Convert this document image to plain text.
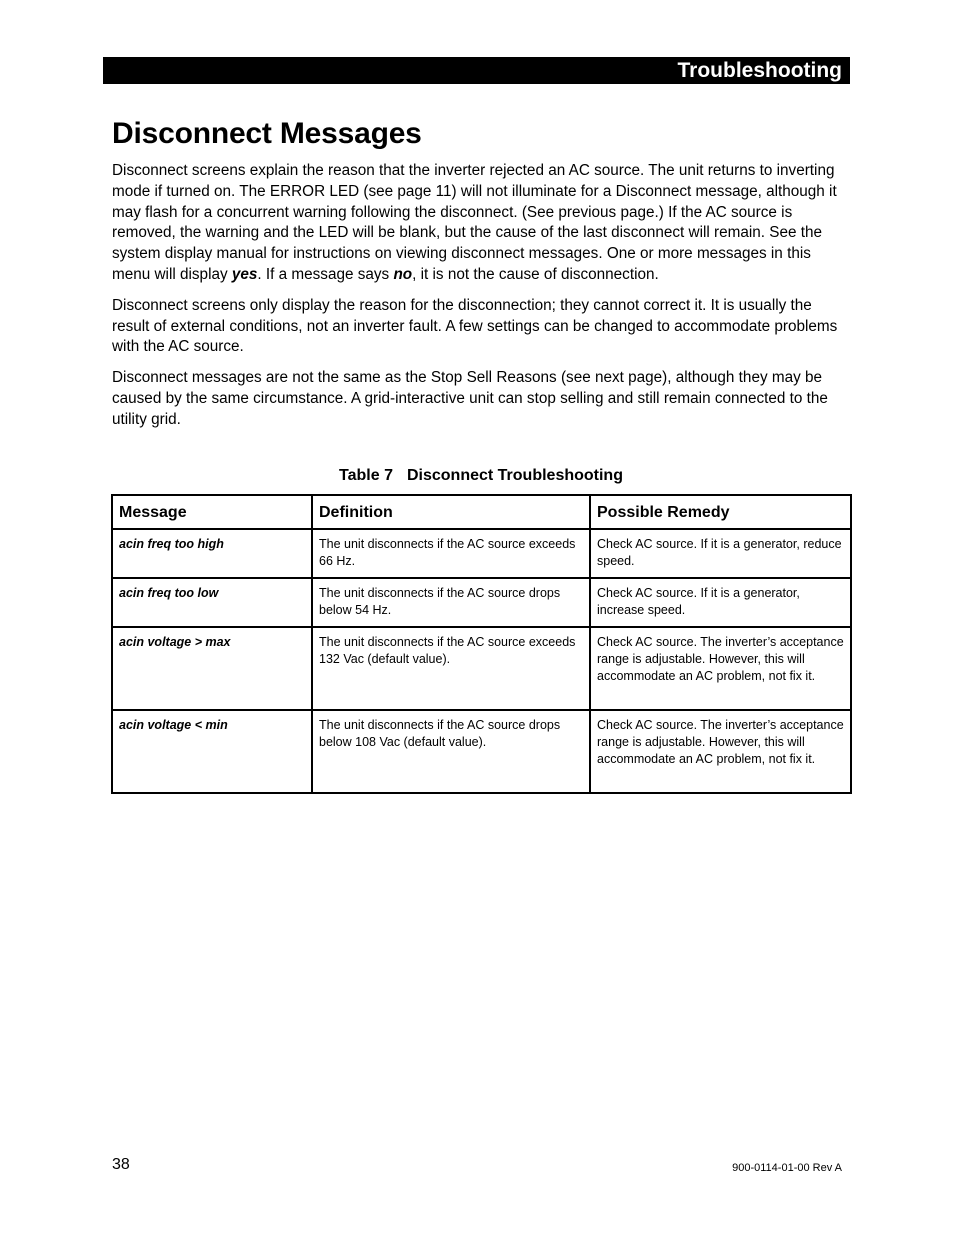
Troubleshooting
Disconnect Messages

Disconnect screens explain the reason that the inverter rejected an AC source. The unit returns to inverting mode if turned on. The ERROR LED (see page 11) will not illuminate for a Disconnect message, although it may flash for a concurrent warning following the disconnect. (See previous page.) If the AC source is removed, the warning and the LED will be blank, but the cause of the last disconnect will remain. See the system display manual for instructions on viewing disconnect messages. One or more messages in this menu will display yes. If a message says no, it is not the cause of disconnection.

Disconnect screens only display the reason for the disconnection; they cannot correct it. It is usually the result of external conditions, not an inverter fault. A few settings can be changed to accommodate problems with the AC source.

Disconnect messages are not the same as the Stop Sell Reasons (see next page), although they may be caused by the same circumstance. A grid-interactive unit can stop selling and still remain connected to the utility grid.

Table 7 Disconnect Troubleshooting
Message	Definition	Possible Remedy
acin freq too high	The unit disconnects if the AC source exceeds 66 Hz.	Check AC source. If it is a generator, reduce speed.
acin freq too low	The unit disconnects if the AC source drops below 54 Hz.	Check AC source. If it is a generator, increase speed.
acin voltage > max	The unit disconnects if the AC source exceeds 132 Vac (default value).	Check AC source. The inverter’s acceptance range is adjustable. However, this will accommodate an AC problem, not fix it.
acin voltage < min	The unit disconnects if the AC source drops below 108 Vac (default value).	Check AC source. The inverter’s acceptance range is adjustable. However, this will accommodate an AC problem, not fix it.
38	900-0114-01-00 Rev A
